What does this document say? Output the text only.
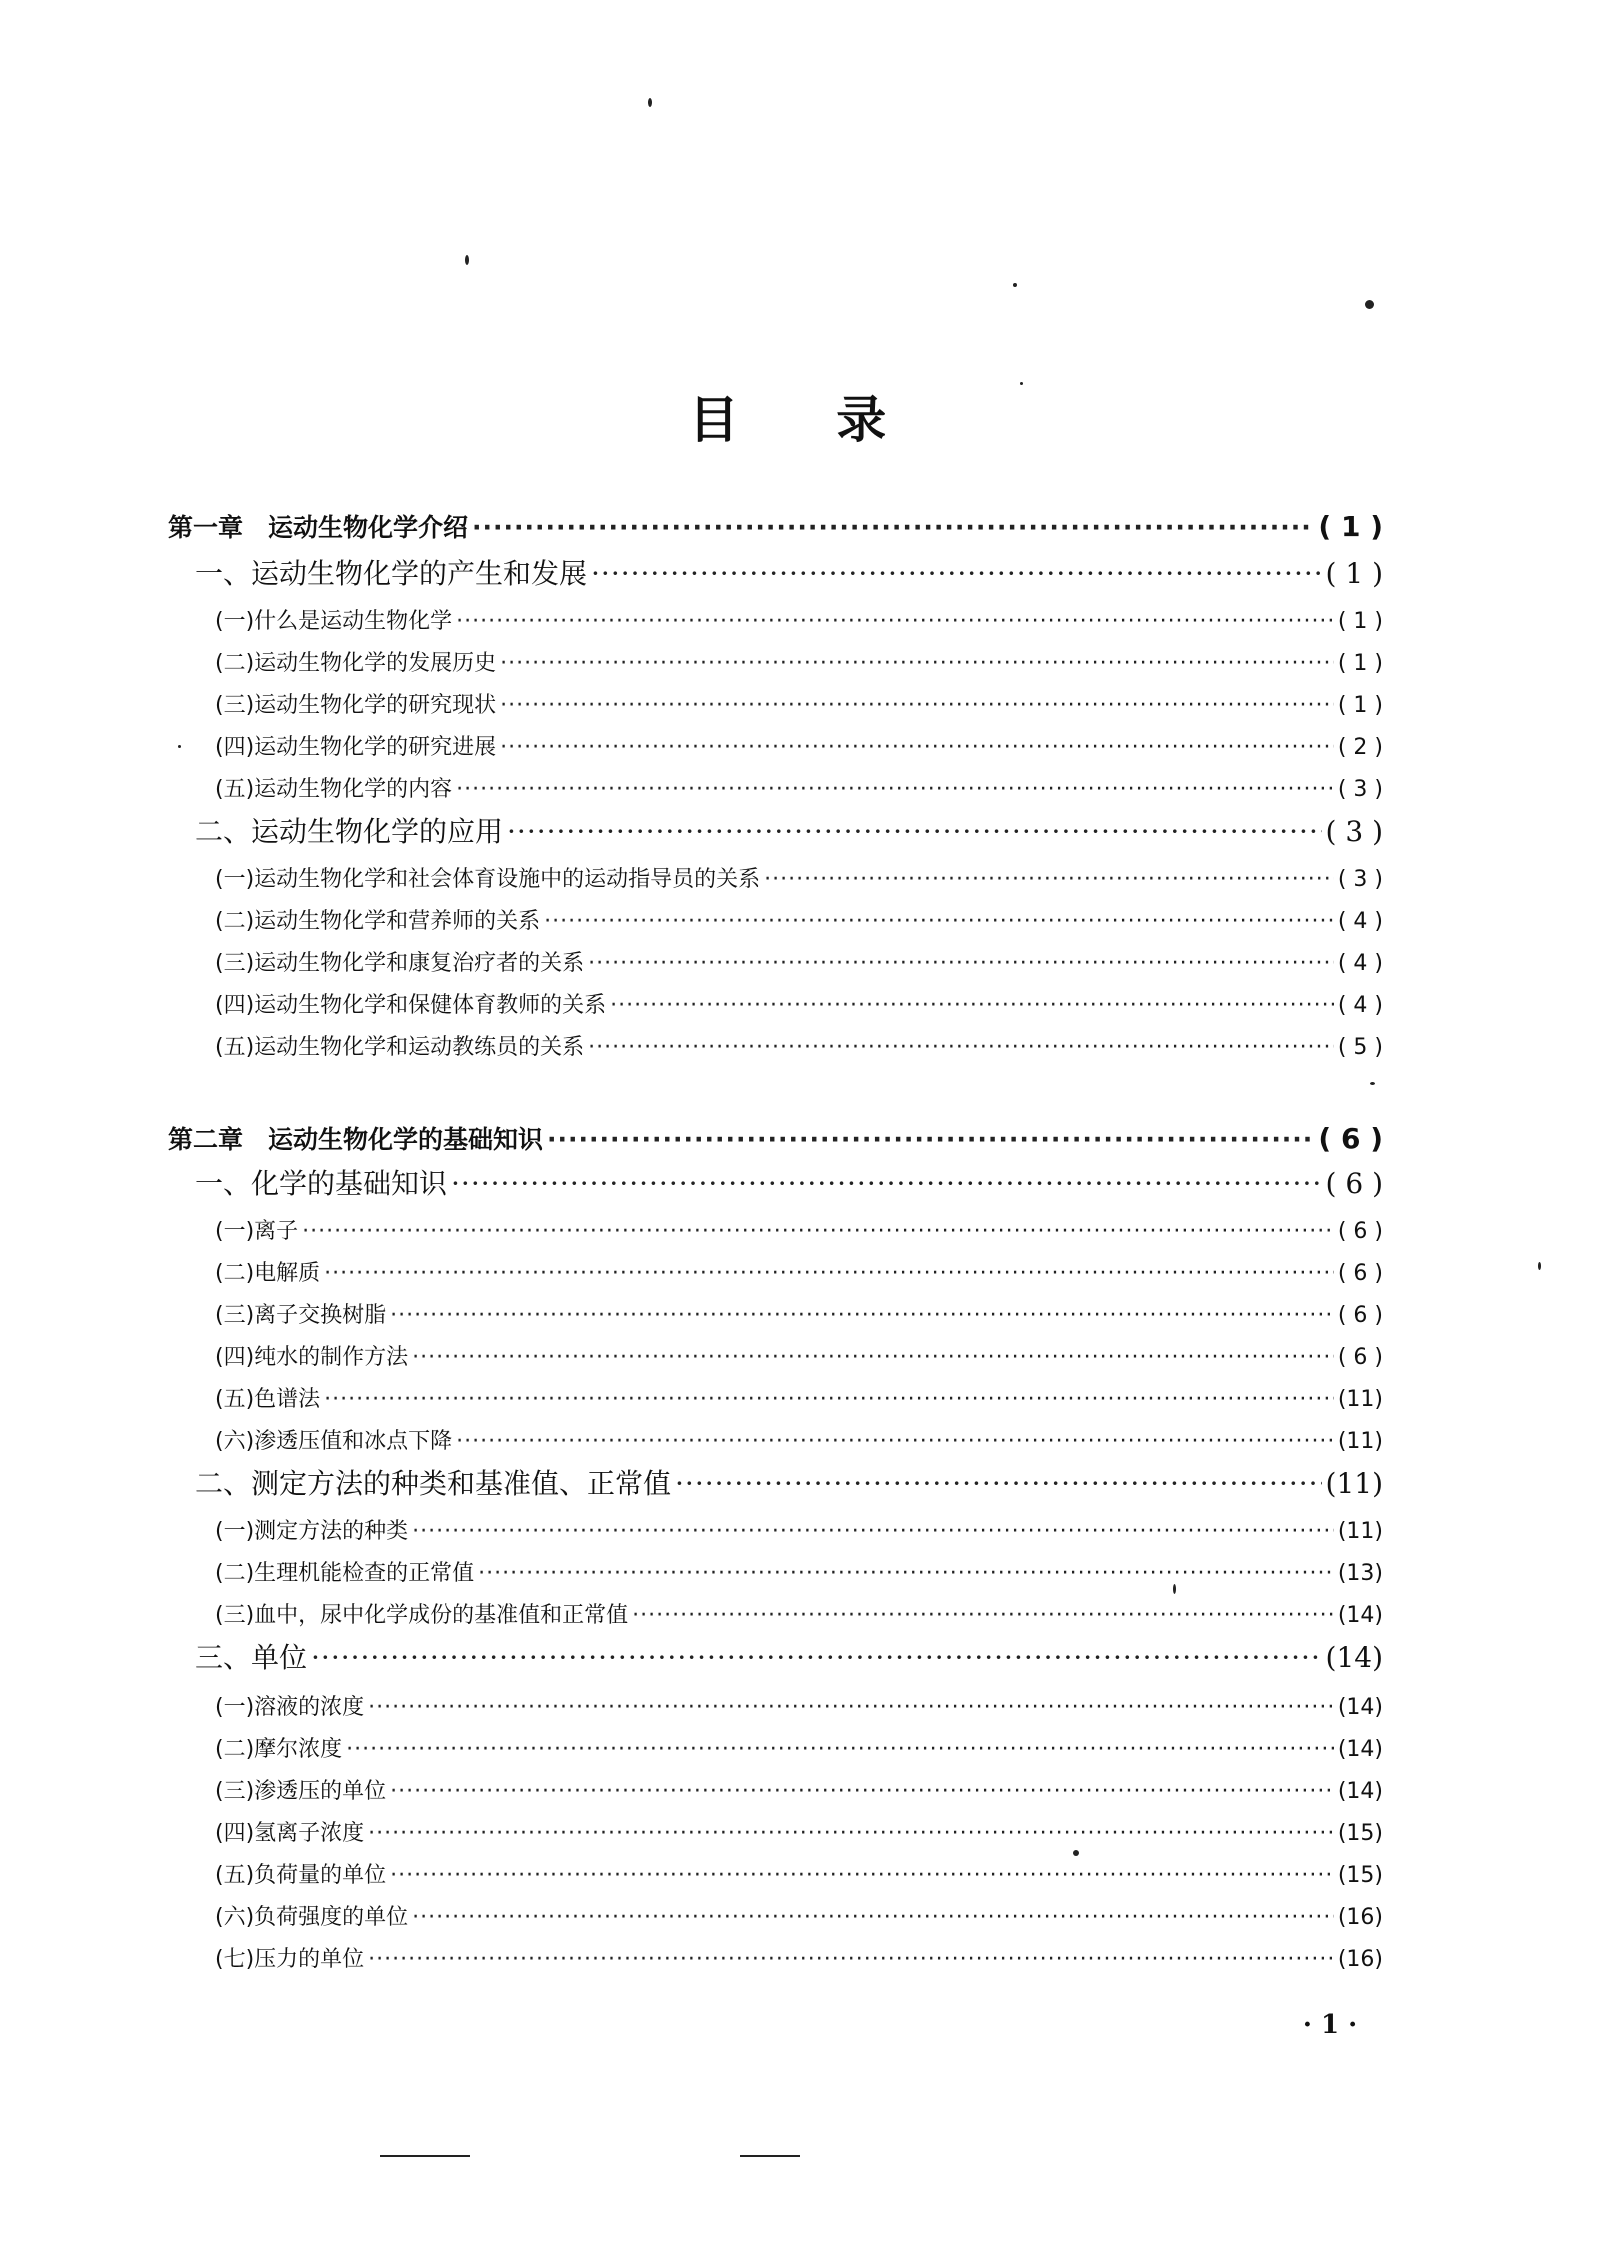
目 录
第一章　运动生物化学介绍 ·····	( 1 )
一、运动生物化学的产生和发展 ·····	( 1 )
(一)什么是运动生物化学 ·····	( 1 )
(二)运动生物化学的发展历史 ·····	( 1 )
(三)运动生物化学的研究现状 ·····	( 1 )
(四)运动生物化学的研究进展 ·····	( 2 )
(五)运动生物化学的内容 ·····	( 3 )
二、运动生物化学的应用 ·····	( 3 )
(一)运动生物化学和社会体育设施中的运动指导员的关系 ·····	( 3 )
(二)运动生物化学和营养师的关系 ·····	( 4 )
(三)运动生物化学和康复治疗者的关系 ·····	( 4 )
(四)运动生物化学和保健体育教师的关系 ·····	( 4 )
(五)运动生物化学和运动教练员的关系 ·····	( 5 )
第二章　运动生物化学的基础知识 ·····	( 6 )
一、化学的基础知识 ·····	( 6 )
(一)离子 ·····	( 6 )
(二)电解质 ·····	( 6 )
(三)离子交换树脂 ·····	( 6 )
(四)纯水的制作方法 ·····	( 6 )
(五)色谱法 ·····	(11)
(六)渗透压值和冰点下降 ·····	(11)
二、测定方法的种类和基准值、正常值 ·····	(11)
(一)测定方法的种类 ·····	(11)
(二)生理机能检查的正常值 ·····	(13)
(三)血中，尿中化学成份的基准值和正常值 ·····	(14)
三、单位 ·····	(14)
(一)溶液的浓度 ·····	(14)
(二)摩尔浓度 ·····	(14)
(三)渗透压的单位 ·····	(14)
(四)氢离子浓度 ·····	(15)
(五)负荷量的单位 ·····	(15)
(六)负荷强度的单位 ·····	(16)
(七)压力的单位 ·····	(16)
· 1 ·
